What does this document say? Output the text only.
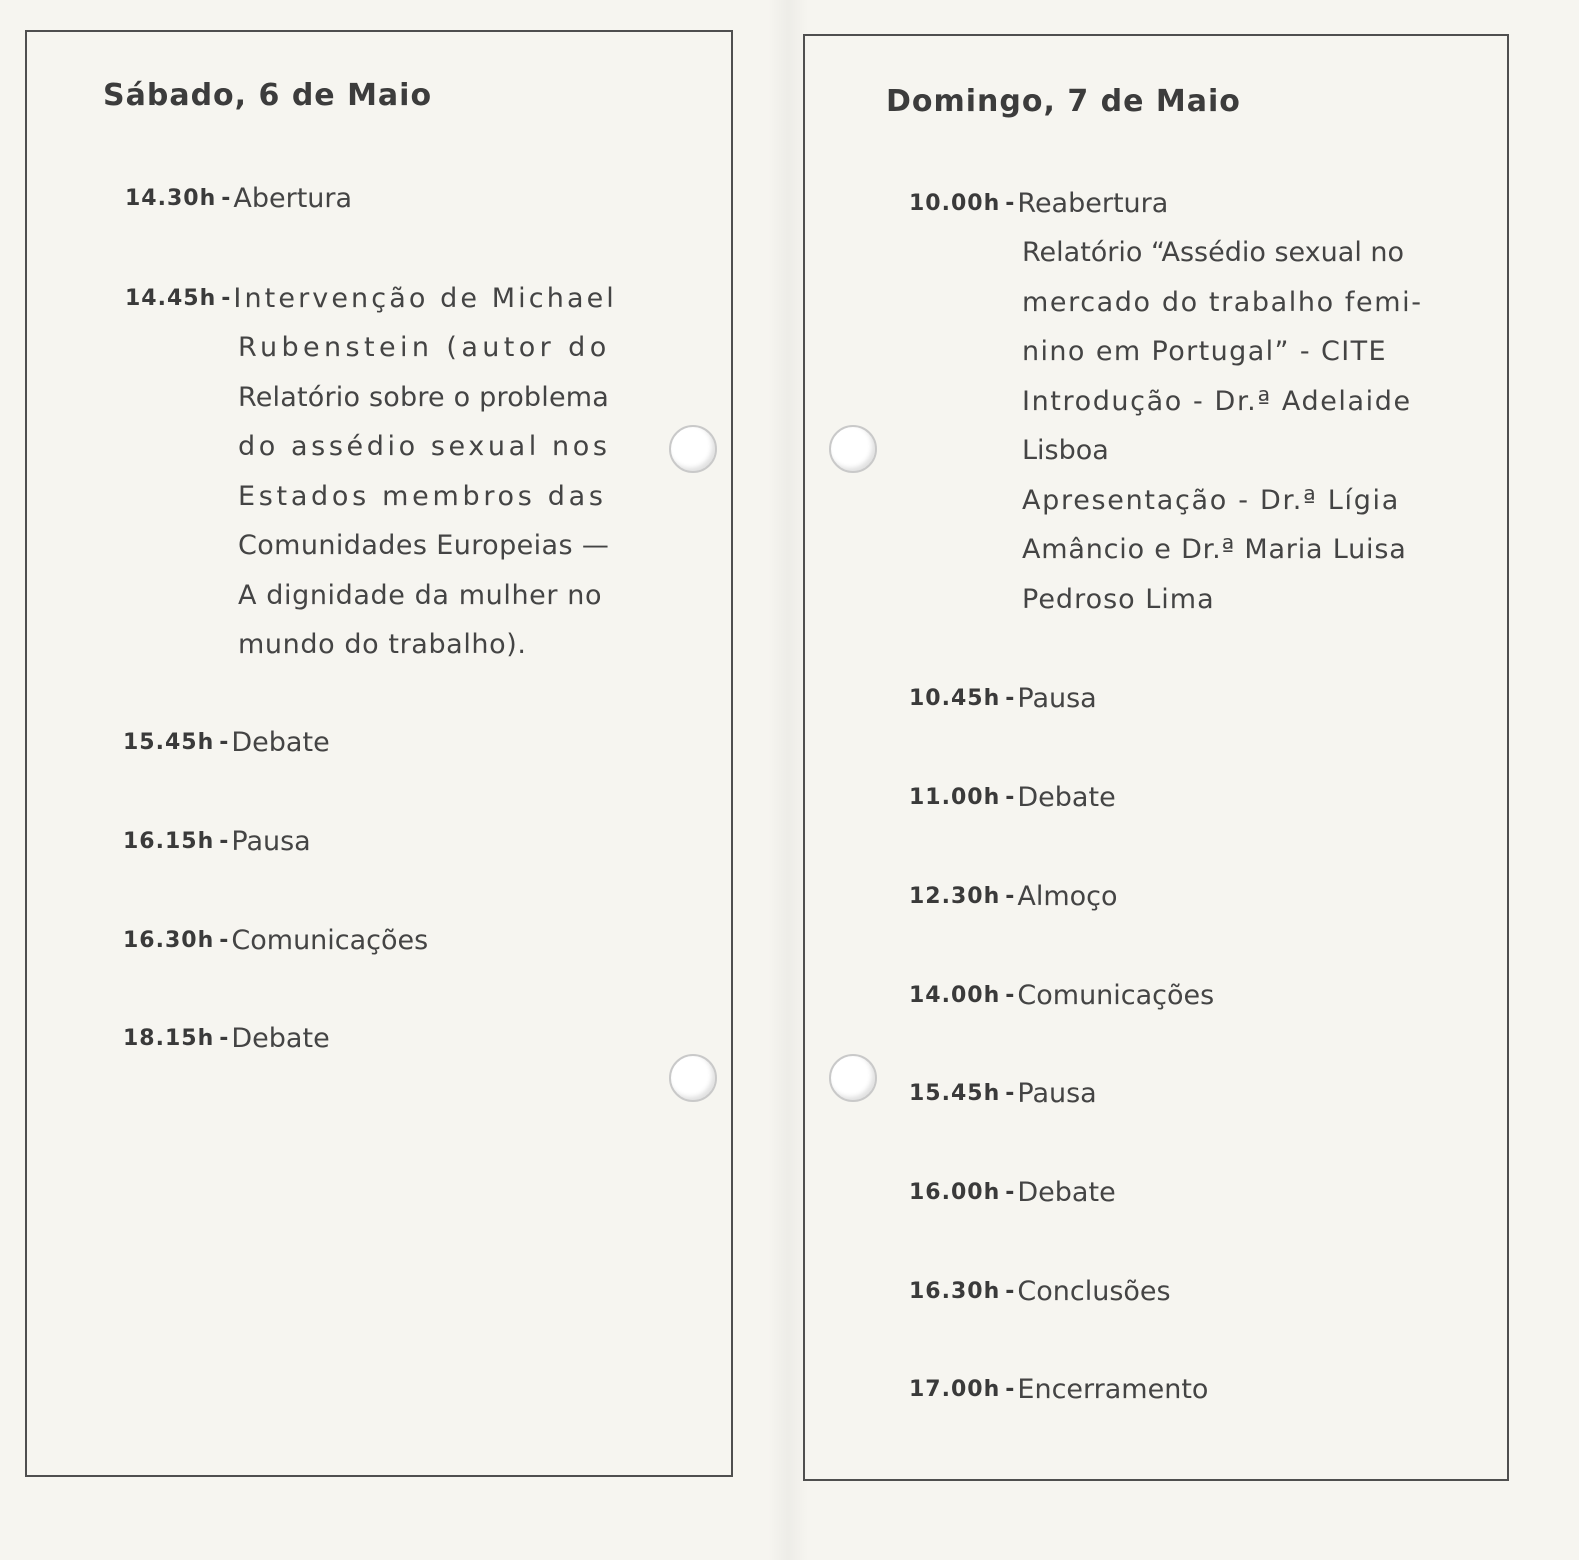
Sábado, 6 de Maio
14.30h - Abertura
14.45h - Intervenção de Michael
Rubenstein (autor do
Relatório sobre o problema
do assédio sexual nos
Estados membros das
Comunidades Europeias —
A dignidade da mulher no
mundo do trabalho).
15.45h - Debate
16.15h - Pausa
16.30h - Comunicações
18.15h - Debate
Domingo, 7 de Maio
10.00h - Reabertura
Relatório “Assédio sexual no
mercado do trabalho femi-
nino em Portugal” - CITE
Introdução - Dr.ª Adelaide
Lisboa
Apresentação - Dr.ª Lígia
Amâncio e Dr.ª Maria Luisa
Pedroso Lima
10.45h - Pausa
11.00h - Debate
12.30h - Almoço
14.00h - Comunicações
15.45h - Pausa
16.00h - Debate
16.30h - Conclusões
17.00h - Encerramento
